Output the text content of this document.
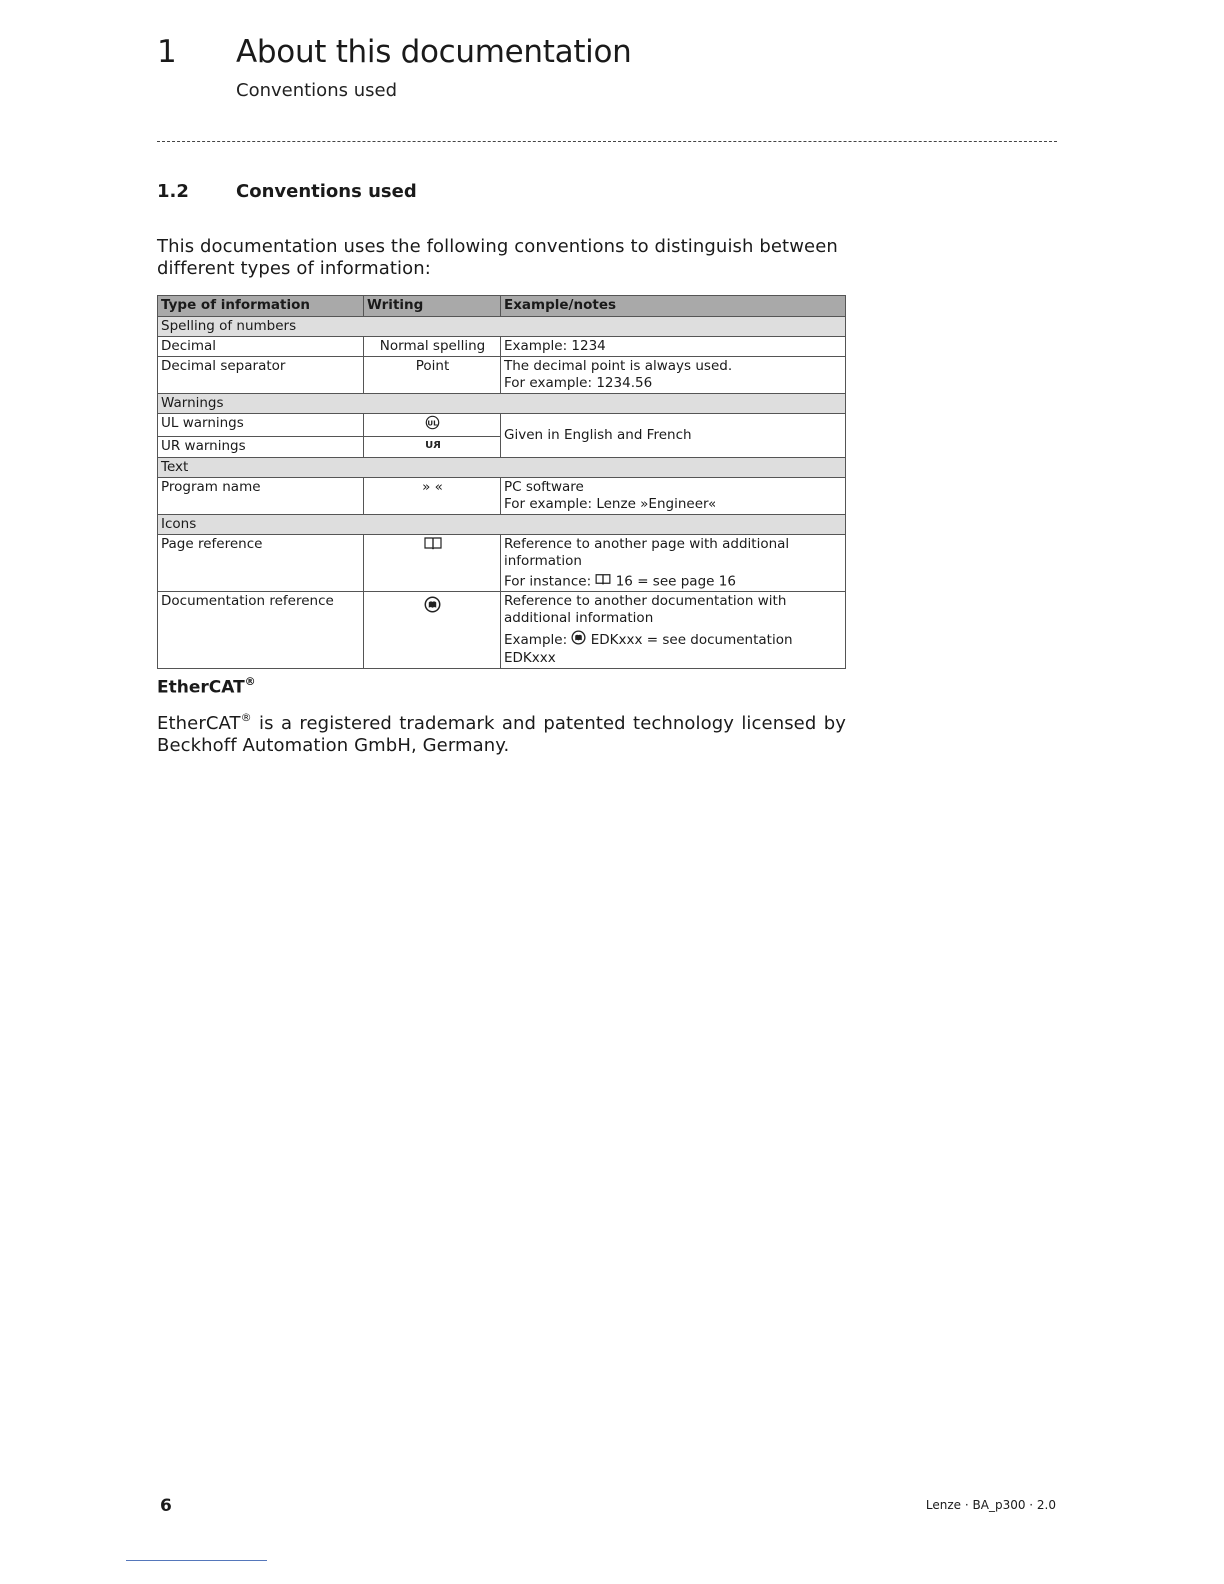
1 About this documentation
Conventions used
1.2	Conventions used
This documentation uses the following conventions to distinguish between different types of information:
Type of information	Writing	Example/notes
Spelling of numbers		
Decimal	Normal spelling	Example: 1234
Decimal separator	Point	The decimal point is always used.
For example: 1234.56

Warnings		
UL warnings	UL	Given in English and French
UR warnings	RU	

Text		
Program name	» «	PC software
For example: Lenze »Engineer«

Icons		
Page reference		Reference to another page with additional information
For instance: 16 = see page 16

Documentation reference		Reference to another documentation with additional information
Example: EDKxxx = see documentation EDKxxx
EtherCAT®
EtherCAT® is a registered trademark and patented technology licensed by Beckhoff Automation GmbH, Germany.
6	Lenze · BA_p300 · 2.0
